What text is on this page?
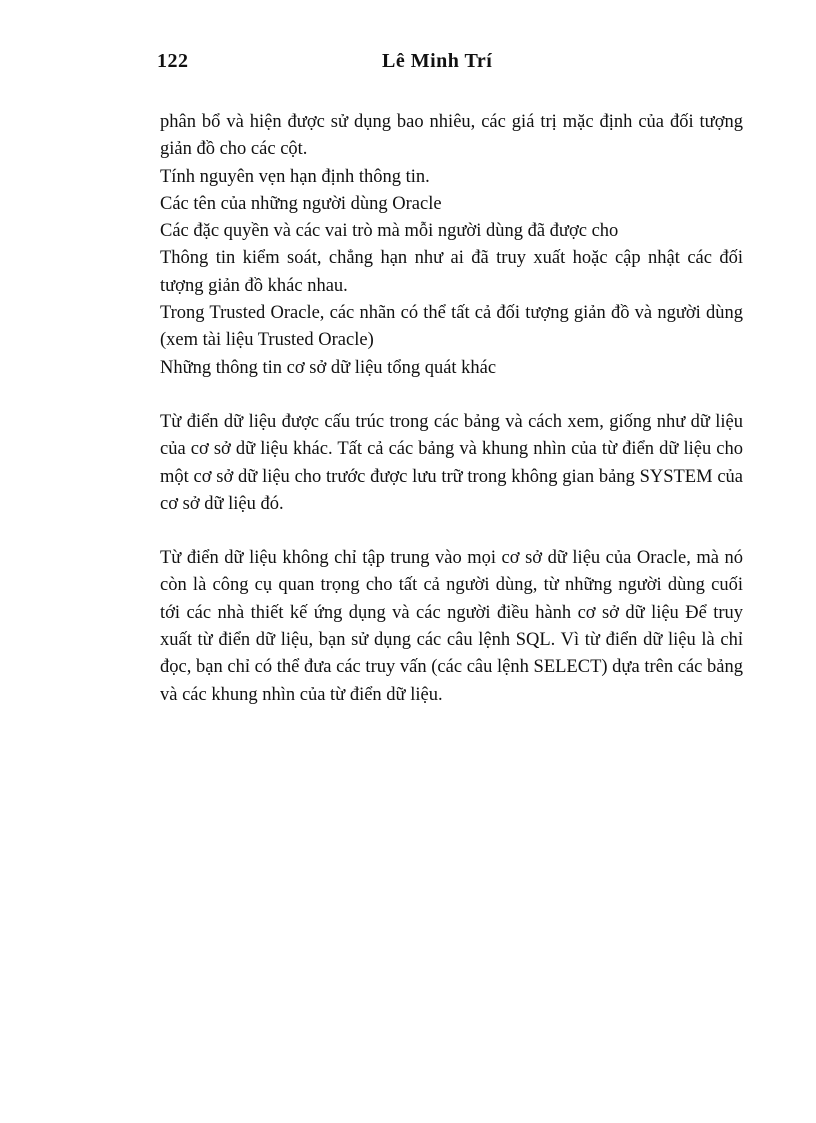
122	Lê Minh Trí

phân bổ và hiện được sử dụng bao nhiêu, các giá trị mặc định của đối tượng giản đồ cho các cột.

Tính nguyên vẹn hạn định thông tin.

Các tên của những người dùng Oracle

Các đặc quyền và các vai trò mà mỗi người dùng đã được cho

Thông tin kiểm soát, chẳng hạn như ai đã truy xuất hoặc cập nhật các đối tượng giản đồ khác nhau.

Trong Trusted Oracle, các nhãn có thể tất cả đối tượng giản đồ và người dùng (xem tài liệu Trusted Oracle)

Những thông tin cơ sở dữ liệu tổng quát khác

Từ điển dữ liệu được cấu trúc trong các bảng và cách xem, giống như dữ liệu của cơ sở dữ liệu khác. Tất cả các bảng và khung nhìn của từ điển dữ liệu cho một cơ sở dữ liệu cho trước được lưu trữ trong không gian bảng SYSTEM của cơ sở dữ liệu đó.

Từ điển dữ liệu không chỉ tập trung vào mọi cơ sở dữ liệu của Oracle, mà nó còn là công cụ quan trọng cho tất cả người dùng, từ những người dùng cuối tới các nhà thiết kế ứng dụng và các người điều hành cơ sở dữ liệu Để truy xuất từ điển dữ liệu, bạn sử dụng các câu lệnh SQL. Vì từ điển dữ liệu là chỉ đọc, bạn chỉ có thể đưa các truy vấn (các câu lệnh SELECT) dựa trên các bảng và các khung nhìn của từ điển dữ liệu.
